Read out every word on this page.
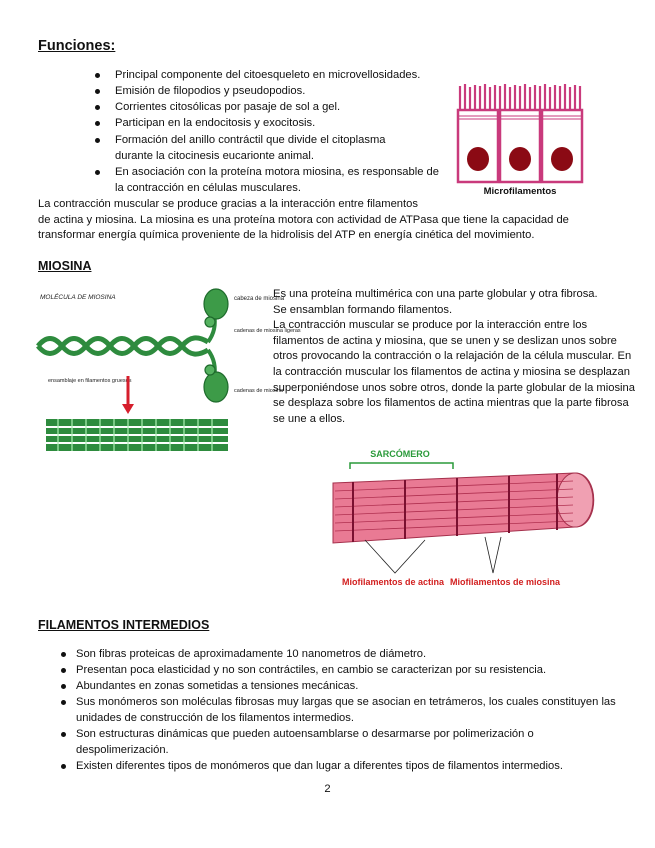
Funciones:
Principal componente del citoesqueleto en microvellosidades.
Emisión de filopodios y pseudopodios.
Corrientes citosólicas por pasaje de sol a gel.
Participan en la endocitosis y exocitosis.
Formación del anillo contráctil que divide el citoplasma durante la citocinesis eucarionte animal.
En asociación con la proteína motora miosina, es responsable de la contracción en células musculares.
La contracción muscular se produce gracias a la interacción entre filamentos
de actina y miosina. La miosina es una proteína motora con actividad de ATPasa que tiene la capacidad de
transformar energía química proveniente de la hidrolisis del ATP en energía cinética del movimiento.
Microfilamentos
MIOSINA
MOLÉCULA DE MIOSINA	cabeza de miosina
cadenas de miosina ligeras
cadenas de miosina
ensamblaje en filamentos gruesos
Es una proteína multimérica con una parte globular y otra fibrosa.
Se ensamblan formando filamentos.
La contracción muscular se produce por la interacción entre los filamentos de actina y miosina, que se unen y se deslizan unos sobre otros provocando la contracción o la relajación de la célula muscular. En la contracción muscular los filamentos de actina y miosina se desplazan superponiéndose unos sobre otros, donde la parte globular de la miosina se desplaza sobre los filamentos de actina mientras que la parte fibrosa se une a ellos.
SARCÓMERO
Miofilamentos de actina Miofilamentos de miosina
FILAMENTOS INTERMEDIOS
Son fibras proteicas de aproximadamente 10 nanometros de diámetro.
Presentan poca elasticidad y no son contráctiles, en cambio se caracterizan por su resistencia.
Abundantes en zonas sometidas a tensiones mecánicas.
Sus monómeros son moléculas fibrosas muy largas que se asocian en tetrámeros, los cuales constituyen las unidades de construcción de los filamentos intermedios.
Son estructuras dinámicas que pueden autoensamblarse o desarmarse por polimerización o despolimerización.
Existen diferentes tipos de monómeros que dan lugar a diferentes tipos de filamentos intermedios.
2
